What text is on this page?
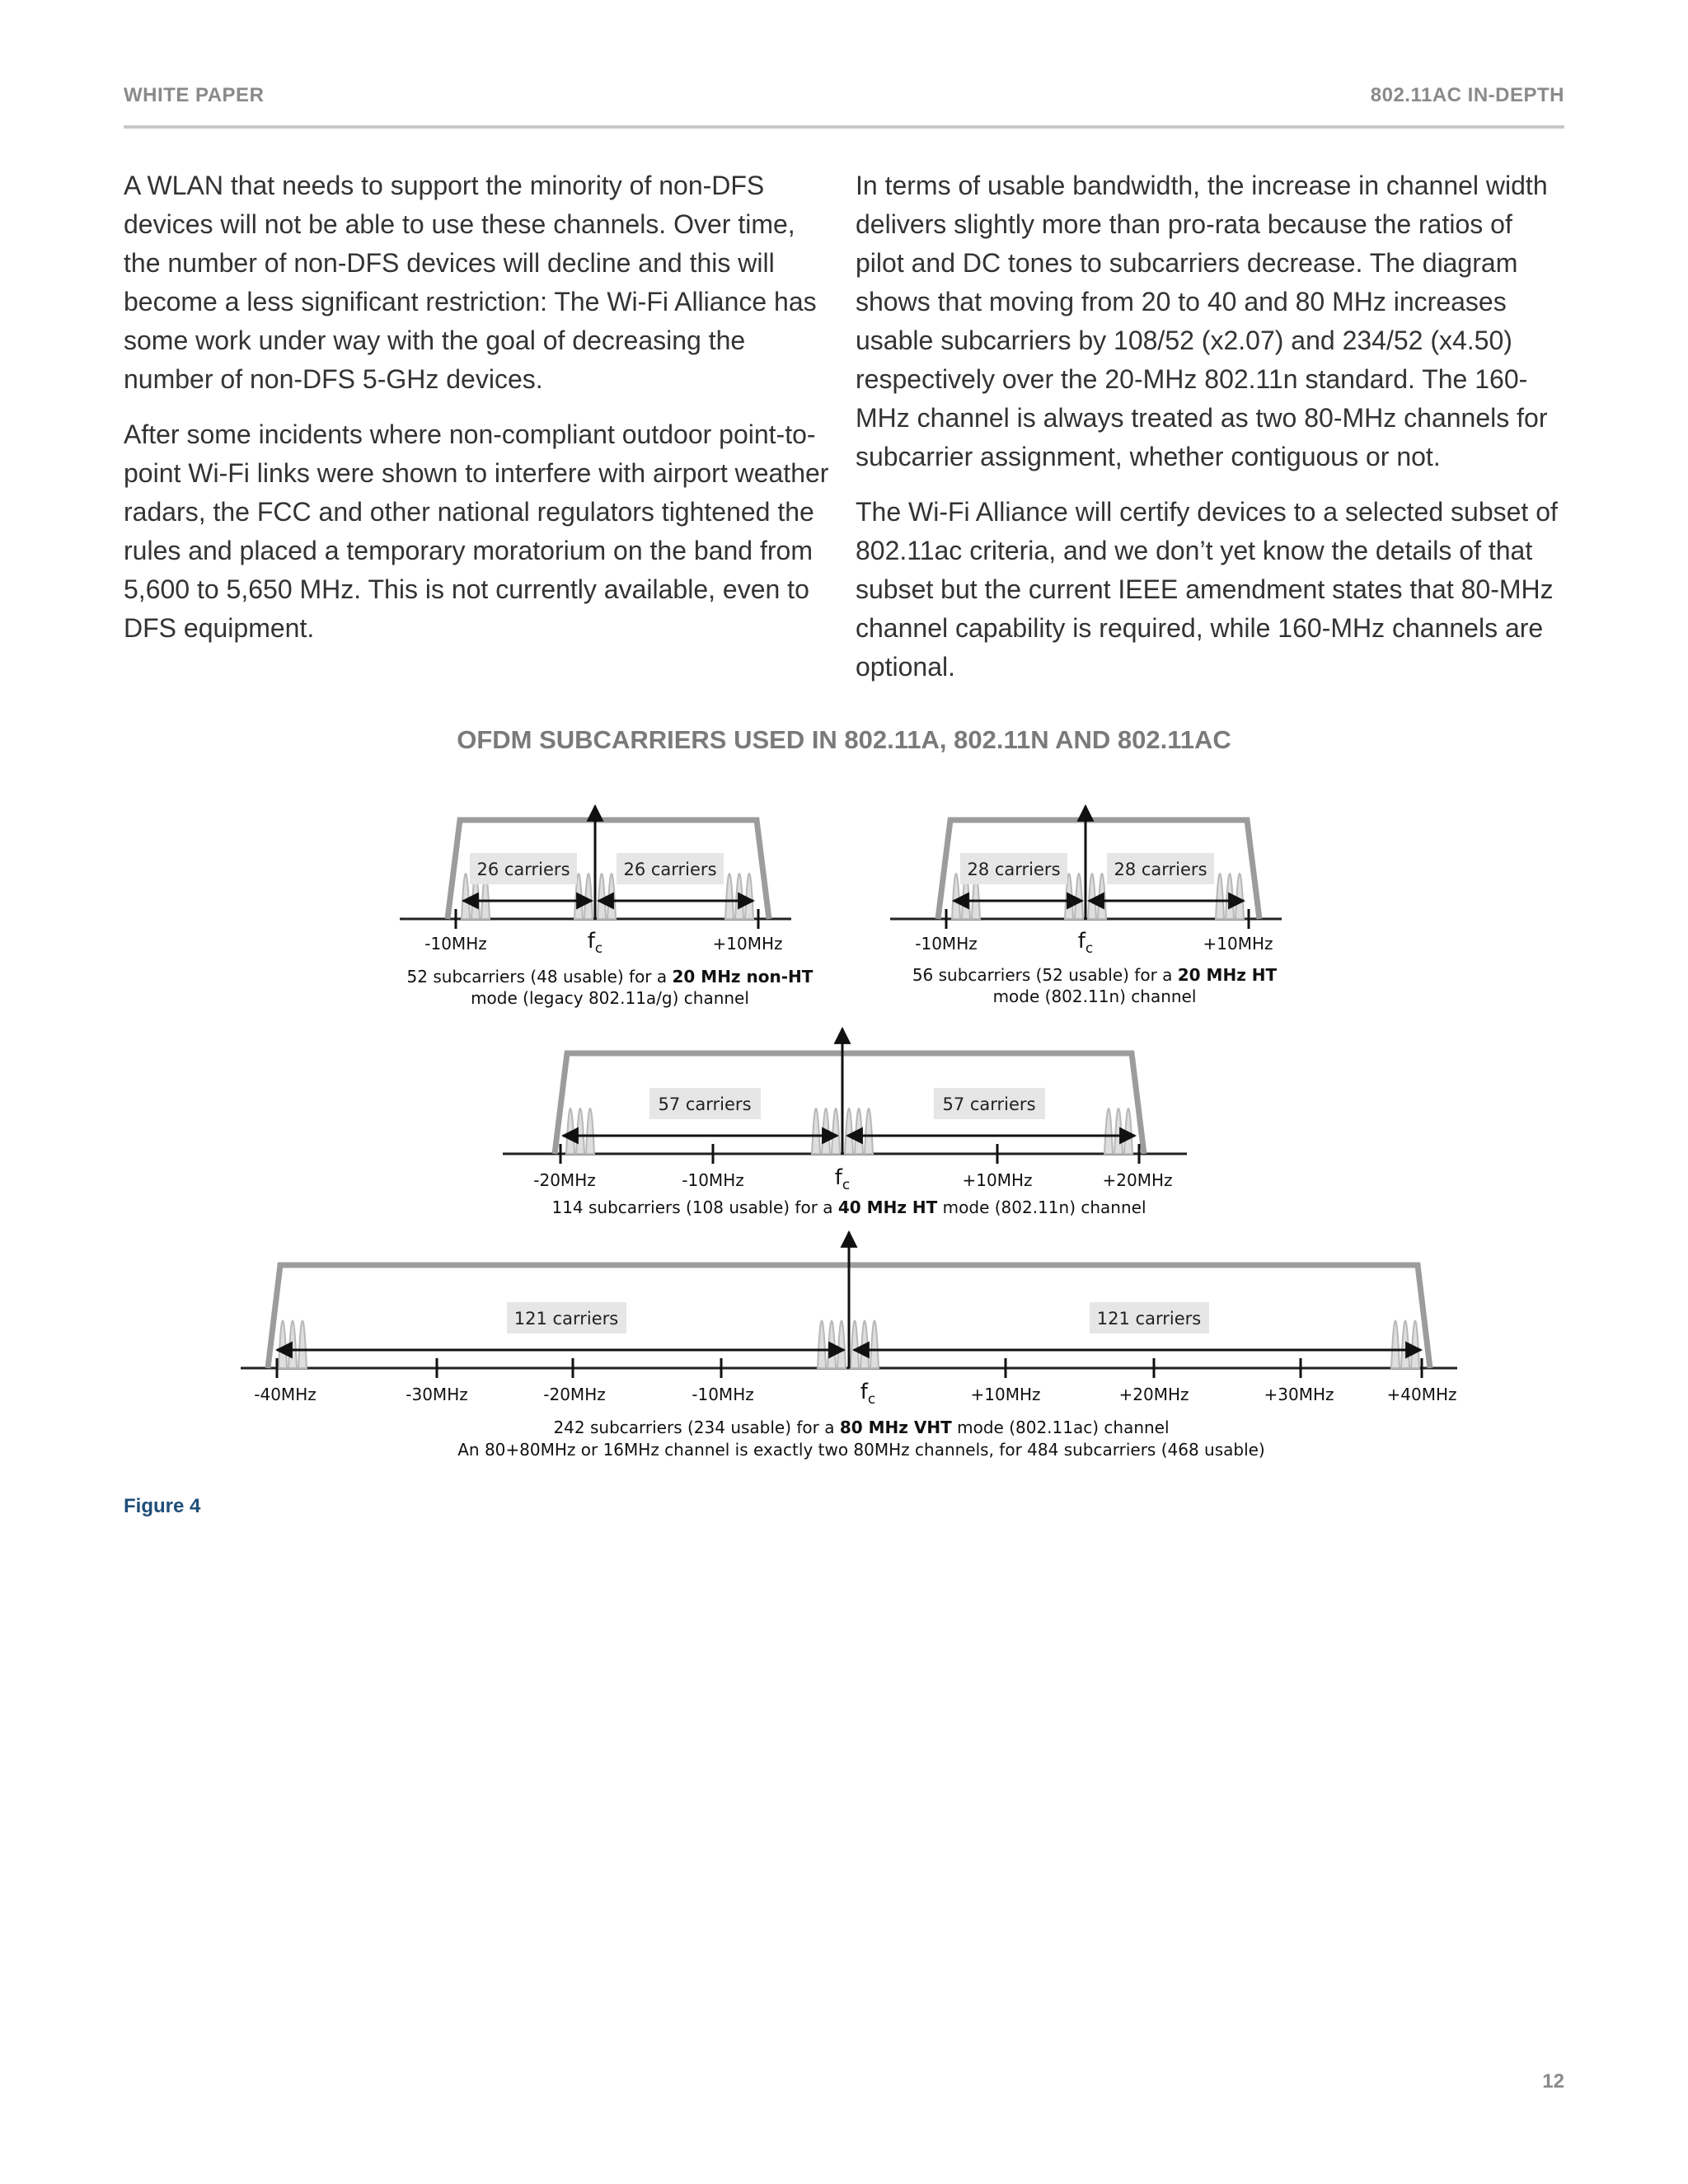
WHITE PAPER	802.11AC IN-DEPTH

A WLAN that needs to support the minority of non-DFS devices will not be able to use these channels. Over time, the number of non-DFS devices will decline and this will become a less significant restriction: The Wi-Fi Alliance has some work under way with the goal of decreasing the number of non-DFS 5-GHz devices.

After some incidents where non-compliant outdoor point-to-point Wi-Fi links were shown to interfere with airport weather radars, the FCC and other national regulators tightened the rules and placed a temporary moratorium on the band from 5,600 to 5,650 MHz. This is not currently available, even to DFS equipment.

In terms of usable bandwidth, the increase in channel width delivers slightly more than pro-rata because the ratios of pilot and DC tones to subcarriers decrease. The diagram shows that moving from 20 to 40 and 80 MHz increases usable subcarriers by 108/52 (x2.07) and 234/52 (x4.50) respectively over the 20-MHz 802.11n standard. The 160-MHz channel is always treated as two 80-MHz channels for subcarrier assignment, whether contiguous or not.

The Wi-Fi Alliance will certify devices to a selected subset of 802.11ac criteria, and we don’t yet know the details of that subset but the current IEEE amendment states that 80-MHz channel capability is required, while 160-MHz channels are optional.

OFDM SUBCARRIERS USED IN 802.11A, 802.11N AND 802.11AC
26 carriers	26 carriers
-10MHz	$f_c$	+10MHz
52 subcarriers (48 usable) for a 20 MHz non-HT
mode (legacy 802.11a/g) channel
28 carriers	28 carriers
-10MHz	$f_c$	+10MHz
56 subcarriers (52 usable) for a 20 MHz HT
mode (802.11n) channel
57 carriers	57 carriers
-20MHz	-10MHz	$f_c$	+10MHz	+20MHz
114 subcarriers (108 usable) for a 40 MHz HT mode (802.11n) channel
121 carriers	121 carriers
-40MHz	-30MHz	-20MHz	-10MHz	$f_c$	+10MHz	+20MHz	+30MHz	+40MHz
242 subcarriers (234 usable) for a 80 MHz VHT mode (802.11ac) channel
An 80+80MHz or 16MHz channel is exactly two 80MHz channels, for 484 subcarriers (468 usable)
Figure 4
12
